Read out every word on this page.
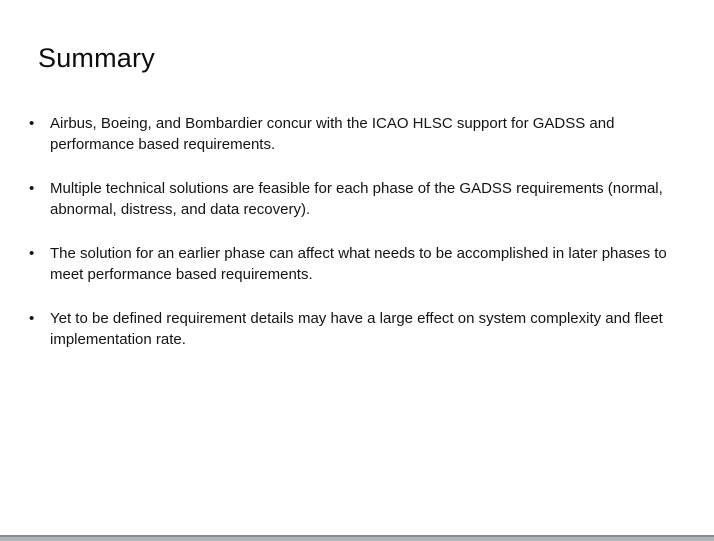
Summary
• Airbus, Boeing, and Bombardier concur with the ICAO HLSC support for GADSS and performance based requirements.
• Multiple technical solutions are feasible for each phase of the GADSS requirements (normal, abnormal, distress, and data recovery).
• The solution for an earlier phase can affect what needs to be accomplished in later phases to meet performance based requirements.
• Yet to be defined requirement details may have a large effect on system complexity and fleet implementation rate.
